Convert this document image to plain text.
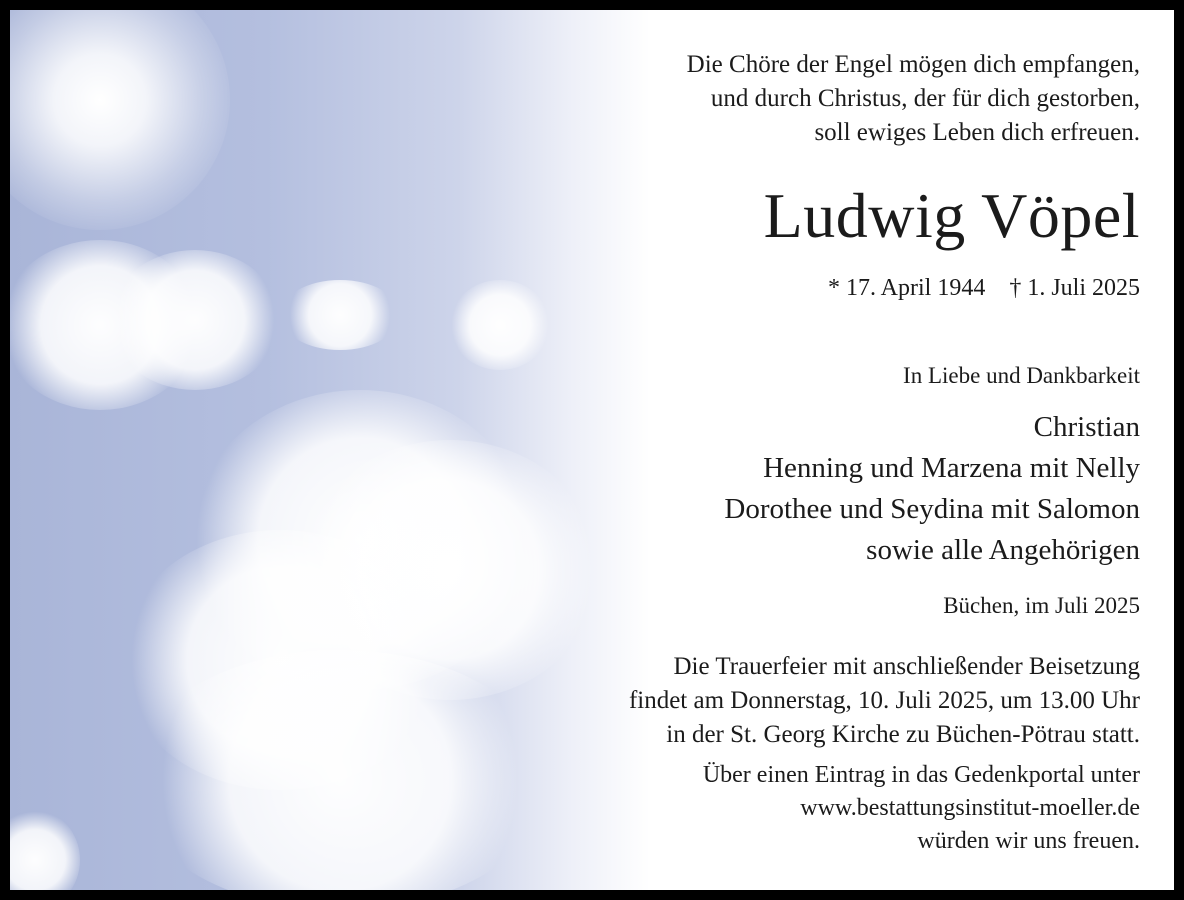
Die Chöre der Engel mögen dich empfangen,
und durch Christus, der für dich gestorben,
soll ewiges Leben dich erfreuen.
Ludwig Vöpel
* 17. April 1944    † 1. Juli 2025
In Liebe und Dankbarkeit
Christian
Henning und Marzena mit Nelly
Dorothee und Seydina mit Salomon
sowie alle Angehörigen
Büchen, im Juli 2025
Die Trauerfeier mit anschließender Beisetzung
findet am Donnerstag, 10. Juli 2025, um 13.00 Uhr
in der St. Georg Kirche zu Büchen-Pötrau statt.
Über einen Eintrag in das Gedenkportal unter
www.bestattungsinstitut-moeller.de
würden wir uns freuen.
